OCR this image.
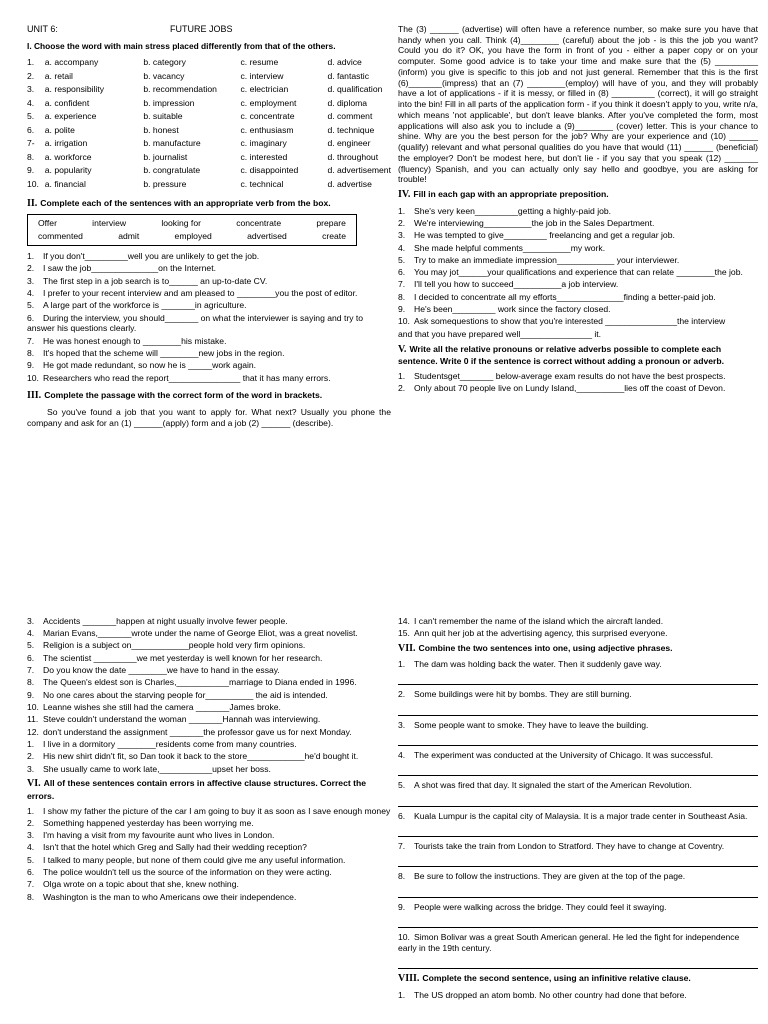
UNIT 6:	FUTURE JOBS
I. Choose the word with main stress placed differently from that of the others.
1.	a. accompany	b. category	c. resume	d. advice
2.	a. retail	b. vacancy	c. interview	d. fantastic
3.	a. responsibility	b. recommendation	c. electrician	d. qualification
4.	a. confident	b. impression	c. employment	d. diploma
5.	a. experience	b. suitable	c. concentrate	d. comment
6.	a. polite	b. honest	c. enthusiasm	d. technique
7-	a. irrigation	b. manufacture	c. imaginary	d. engineer
8.	a. workforce	b. journalist	c. interested	d. throughout
9.	a. popularity	b. congratulate	c. disappointed	d. advertisement
10.	a. financial	b. pressure	c. technical	d. advertise
II. Complete each of the sentences with an appropriate verb from the box.
Offer	interview	looking for	concentrate	prepare
commented	admit	employed	advertised	create
1. If you don't_________well you are unlikely to get the job.
2. I saw the job______________on the Internet.
3. The first step in a job search is to______ an up-to-date CV.
4. I prefer to your recent interview and am pleased to ________you the post of editor.
5. A large part of the workforce is _______in agriculture.
6. During the interview, you should_______ on what the interviewer is saying and try to answer his questions clearly.
7. He was honest enough to ________his mistake.
8. It's hoped that the scheme will ________new jobs in the region.
9. He got made redundant, so now he is _____work again.
10. Researchers who read the report_______________ that it has many errors.
III. Complete the passage with the correct form of the word in brackets.
So you've found a job that you want to apply for. What next? Usually you phone the company and ask for an (1) ______(apply) form and a job (2) ______ (describe).
The (3) ______ (advertise) will often have a reference number, so make sure you have that handy when you call. Think (4)________ (careful) about the job - is this the job you want? Could you do it? OK, you have the form in front of you - either a paper copy or on your computer. Some good advice is to take your time and make sure that the (5) _________ (inform) you give is specific to this job and not just general. Remember that this is the first (6)_______(impress) that an (7) ________(employ) will have of you, and they will probably have a lot of applications - if it is messy, or filled in (8) _________ (correct), it will go straight into the bin! Fill in all parts of the application form - if you think it doesn't apply to you, write n/a, which means 'not applicable', but don't leave blanks. After you've completed the form, most applications will also ask you to include a (9)________ (cover) letter. This is your chance to shine. Why are you the best person for the job? Why are your experience and (10) ______ (qualify) relevant and what personal qualities do you have that would (11) ______ (beneficial) the employer? Don't be modest here, but don't lie - if you say that you speak (12) _______ (fluency) Spanish, and you can actually only say hello and goodbye, you are asking for trouble!
IV. Fill in each gap with an appropriate preposition.
1. She's very keen_________getting a highly-paid job.
2. We're interviewing__________the job in the Sales Department.
3. He was tempted to give_________ freelancing and get a regular job.
4. She made helpful comments__________my work.
5. Try to make an immediate impression____________ your interviewer.
6. You may jot______your qualifications and experience that can relate ________the job.
7. I'll tell you how to succeed__________a job interview.
8. I decided to concentrate all my efforts______________finding a better-paid job.
9. He's been_________ work since the factory closed.
10. Ask somequestions to show that you're interested _______________the interview
and that you have prepared well_______________ it.
V. Write all the relative pronouns or relative adverbs possible to complete each sentence. Write 0 if the sentence is correct without adding a pronoun or adverb.
1. Studentsget_______ below-average exam results do not have the best prospects.
2. Only about 70 people live on Lundy Island,__________lies off the coast of Devon.
3. Accidents _______happen at night usually involve fewer people.
4. Marian Evans,_______wrote under the name of George Eliot, was a great novelist.
5. Religion is a subject on____________people hold very firm opinions.
6. The scientist _________we met yesterday is well known for her research.
7. Do you know the date ________we have to hand in the essay.
8. The Queen's eldest son is Charles,___________marriage to Diana ended in 1996.
9. No one cares about the starving people for__________ the aid is intended.
10. Leanne wishes she still had the camera _______James broke.
11. Steve couldn't understand the woman _______Hannah was interviewing.
12. don't understand the assignment _______the professor gave us for next Monday.
1. I live in a dormitory ________residents come from many countries.
2. His new shirt didn't fit, so Dan took it back to the store____________he'd bought it.
3. She usually came to work late,___________upset her boss.
VI. All of these sentences contain errors in affective clause structures. Correct the errors.
1. I show my father the picture of the car I am going to buy it as soon as I save enough money
2. Something happened yesterday has been worrying me.
3. I'm having a visit from my favourite aunt who lives in London.
4. Isn't that the hotel which Greg and Sally had their wedding reception?
5. I talked to many people, but none of them could give me any useful information.
6. The police wouldn't tell us the source of the information on they were acting.
7. Olga wrote on a topic about that she, knew nothing.
8. Washington is the man to who Americans owe their independence.
14. I can't remember the name of the island which the aircraft landed.
15. Ann quit her job at the advertising agency, this surprised everyone.
VII. Combine the two sentences into one, using adjective phrases.
1. The dam was holding back the water. Then it suddenly gave way.
2. Some buildings were hit by bombs. They are still burning.
3. Some people want to smoke. They have to leave the building.
4. The experiment was conducted at the University of Chicago. It was successful.
5. A shot was fired that day. It signaled the start of the American Revolution.
6. Kuala Lumpur is the capital city of Malaysia. It is a major trade center in Southeast Asia.
7. Tourists take the train from London to Stratford. They have to change at Coventry.
8. Be sure to follow the instructions. They are given at the top of the page.
9. People were walking across the bridge. They could feel it swaying.
10. Simon Bolivar was a great South American general. He led the fight for independence early in the 19th century.
VIII. Complete the second sentence, using an infinitive relative clause.
1. The US dropped an atom bomb. No other country had done that before.
